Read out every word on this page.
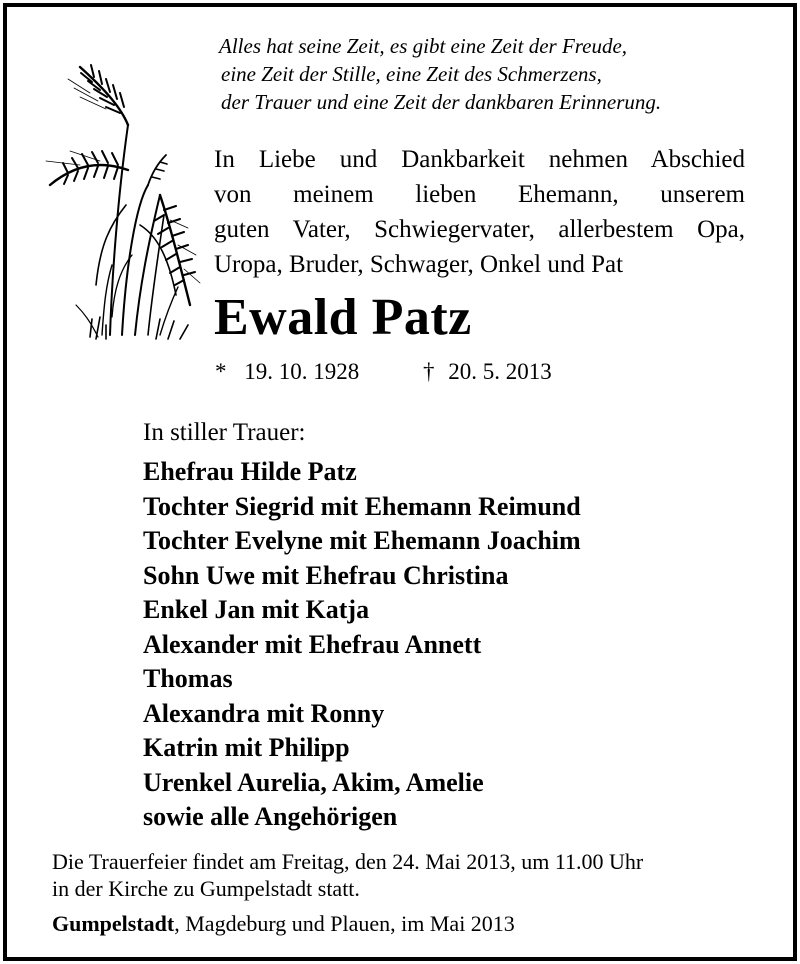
Alles hat seine Zeit, es gibt eine Zeit der Freude,
eine Zeit der Stille, eine Zeit des Schmerzens,
der Trauer und eine Zeit der dankbaren Erinnerung.
In Liebe und Dankbarkeit nehmen Abschied
von meinem lieben Ehemann, unserem
guten Vater, Schwiegervater, allerbestem Opa,
Uropa, Bruder, Schwager, Onkel und Pat
Ewald Patz
* 19. 10. 1928	† 20. 5. 2013
In stiller Trauer:
Ehefrau Hilde Patz
Tochter Siegrid mit Ehemann Reimund
Tochter Evelyne mit Ehemann Joachim
Sohn Uwe mit Ehefrau Christina
Enkel Jan mit Katja
Alexander mit Ehefrau Annett
Thomas
Alexandra mit Ronny
Katrin mit Philipp
Urenkel Aurelia, Akim, Amelie
sowie alle Angehörigen
Die Trauerfeier findet am Freitag, den 24. Mai 2013, um 11.00 Uhr
in der Kirche zu Gumpelstadt statt.
Gumpelstadt, Magdeburg und Plauen, im Mai 2013
